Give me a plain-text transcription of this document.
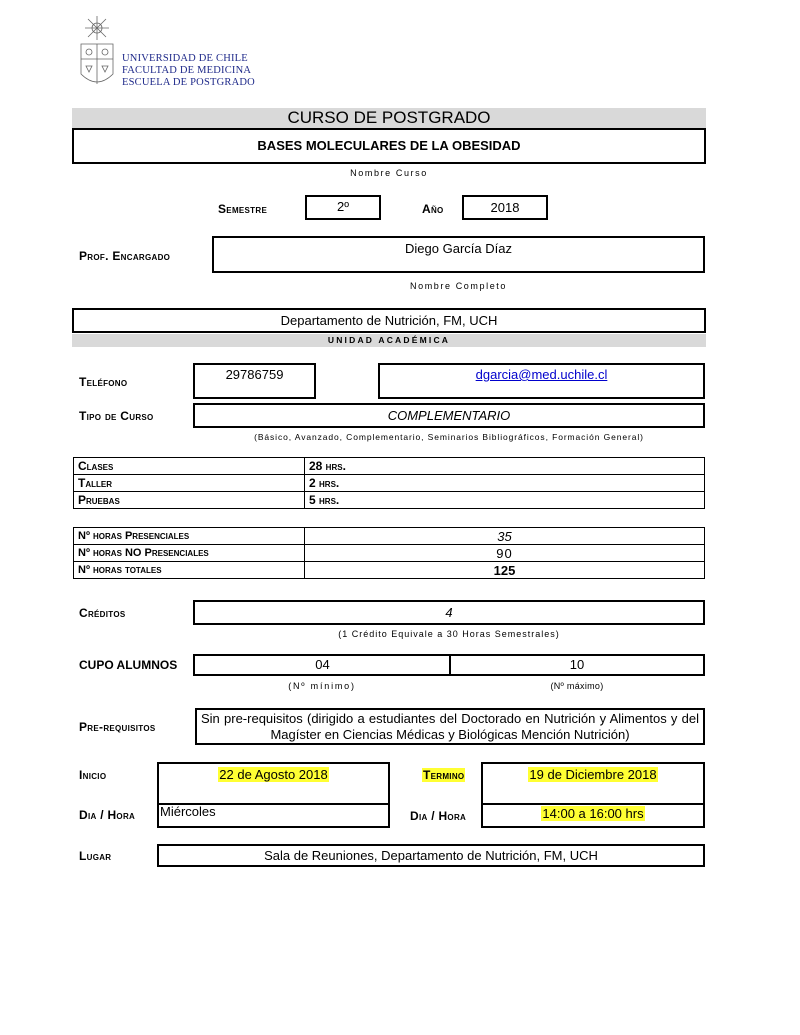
UNIVERSIDAD DE CHILE
FACULTAD DE MEDICINA
ESCUELA DE POSTGRADO
CURSO DE POSTGRADO
BASES MOLECULARES DE LA OBESIDAD
Nombre Curso
Semestre	2º	Año	2018
Prof. Encargado	Diego García Díaz
Nombre Completo
Departamento de Nutrición, FM, UCH
UNIDAD ACADÉMICA
Teléfono	29786759	dgarcia@med.uchile.cl
Tipo de Curso	COMPLEMENTARIO
(Básico, Avanzado, Complementario, Seminarios Bibliográficos, Formación General)
Clases	28 hrs.
Taller	2 hrs.
Pruebas	5 hrs.
Nº horas Presenciales	35
Nº horas NO Presenciales	90
Nº horas totales	125
Créditos	4
(1 Crédito Equivale a 30 Horas Semestrales)
CUPO ALUMNOS	04	10
(Nº mínimo)	(Nº máximo)
Pre-requisitos
Sin pre-requisitos (dirigido a estudiantes del Doctorado en Nutrición y Alimentos y del Magíster en Ciencias Médicas y Biológicas Mención Nutrición)
Inicio	22 de Agosto 2018	Termino	19 de Diciembre 2018
Dia / Hora Miércoles	Dia / Hora	14:00 a 16:00 hrs
Lugar	Sala de Reuniones, Departamento de Nutrición, FM, UCH
